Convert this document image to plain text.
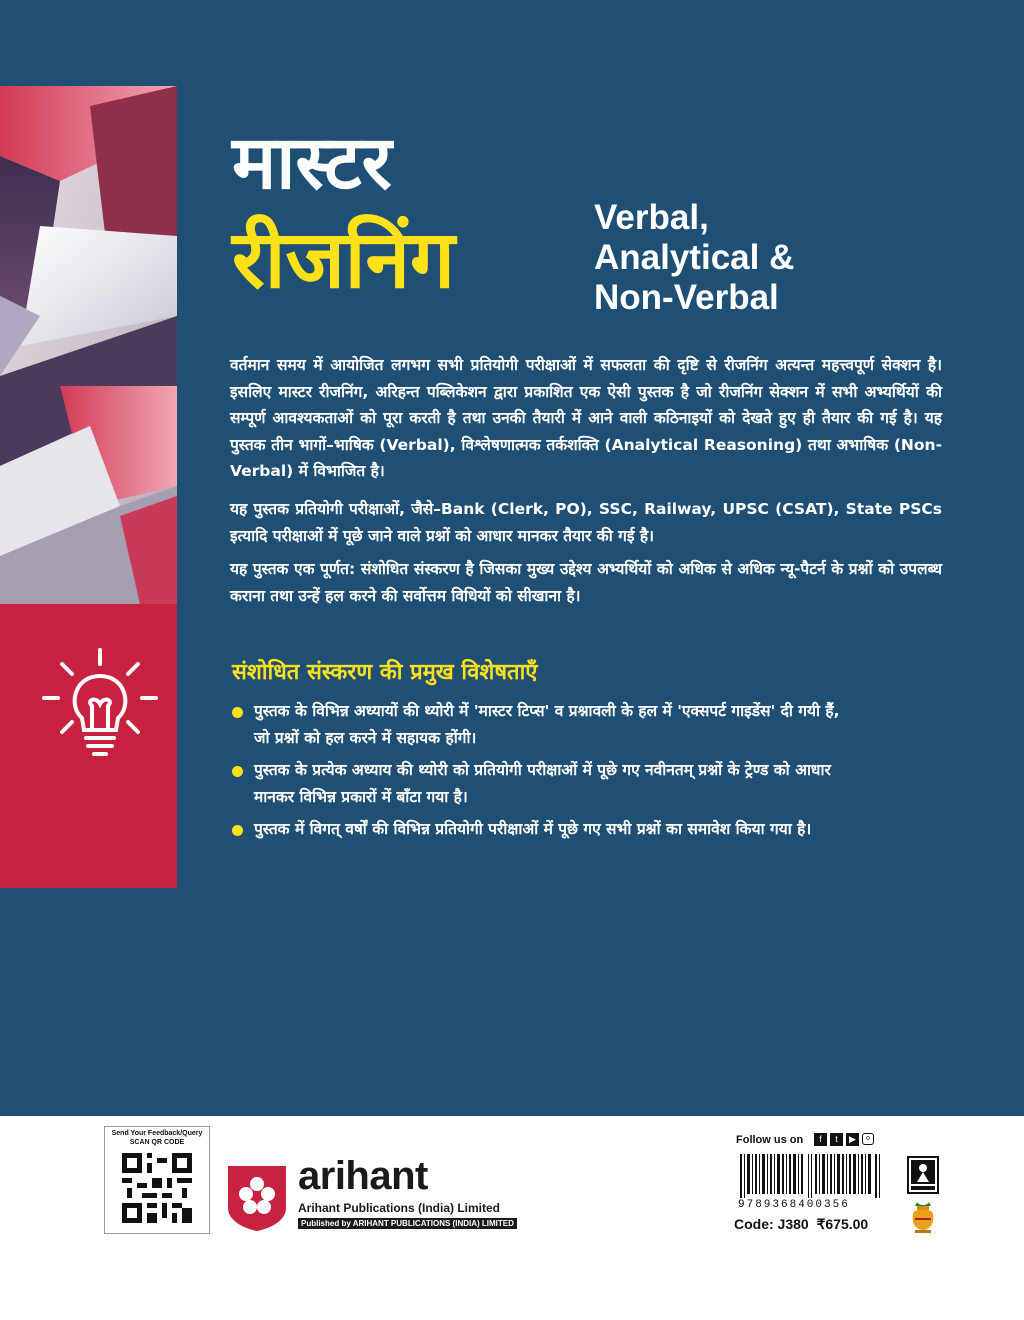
मास्टर
रीजनिंग	Verbal,
Analytical &
Non-Verbal

वर्तमान समय में आयोजित लगभग सभी प्रतियोगी परीक्षाओं में सफलता की दृष्टि से रीजनिंग अत्यन्त महत्त्वपूर्ण सेक्शन है। इसलिए मास्टर रीजनिंग, अरिहन्त पब्लिकेशन द्वारा प्रकाशित एक ऐसी पुस्तक है जो रीजनिंग सेक्शन में सभी अभ्यर्थियों की सम्पूर्ण आवश्यकताओं को पूरा करती है तथा उनकी तैयारी में आने वाली कठिनाइयों को देखते हुए ही तैयार की गई है। यह पुस्तक तीन भागों–भाषिक (Verbal), विश्लेषणात्मक तर्कशक्ति (Analytical Reasoning) तथा अभाषिक (Non-Verbal) में विभाजित है।

यह पुस्तक प्रतियोगी परीक्षाओं, जैसे–Bank (Clerk, PO), SSC, Railway, UPSC (CSAT), State PSCs इत्यादि परीक्षाओं में पूछे जाने वाले प्रश्नों को आधार मानकर तैयार की गई है।

यह पुस्तक एक पूर्णत: संशोधित संस्करण है जिसका मुख्य उद्देश्य अभ्यर्थियों को अधिक से अधिक न्यू-पैटर्न के प्रश्नों को उपलब्ध कराना तथा उन्हें हल करने की सर्वोत्तम विधियों को सीखाना है।

संशोधित संस्करण की प्रमुख विशेषताएँ
पुस्तक के विभिन्न अध्यायों की थ्योरी में 'मास्टर टिप्स' व प्रश्नावली के हल में 'एक्सपर्ट गाइडेंस' दी गयी हैं, जो प्रश्नों को हल करने में सहायक होंगी।
पुस्तक के प्रत्येक अध्याय की थ्योरी को प्रतियोगी परीक्षाओं में पूछे गए नवीनतम् प्रश्नों के ट्रेण्ड को आधार मानकर विभिन्न प्रकारों में बाँटा गया है।
पुस्तक में विगत् वर्षों की विभिन्न प्रतियोगी परीक्षाओं में पूछे गए सभी प्रश्नों का समावेश किया गया है।
Send Your Feedback/Query
SCAN QR CODE
arihant
Arihant Publications (India) Limited
Published by ARIHANT PUBLICATIONS (INDIA) LIMITED
Follow us on	f	t	▶	o
9789368400356
Code: J380 ₹675.00
